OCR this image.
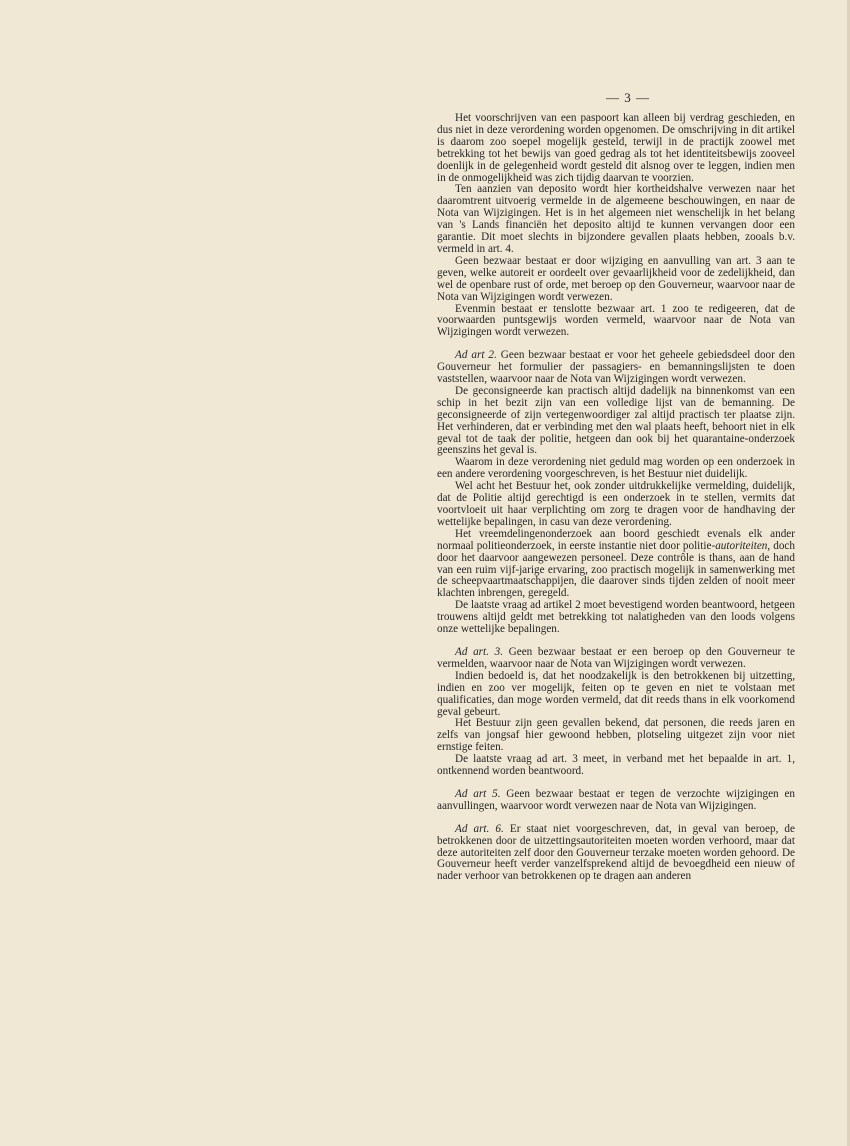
— 3 —

Het voorschrijven van een paspoort kan alleen bij verdrag geschieden, en dus niet in deze verordening worden opgenomen. De omschrijving in dit artikel is daarom zoo soepel mogelijk gesteld, terwijl in de practijk zoowel met betrekking tot het bewijs van goed gedrag als tot het identiteitsbewijs zooveel doenlijk in de gelegenheid wordt gesteld dit alsnog over te leggen, indien men in de onmogelijkheid was zich tijdig daarvan te voorzien.

Ten aanzien van deposito wordt hier kortheidshalve verwezen naar het daaromtrent uitvoerig vermelde in de algemeene beschouwingen, en naar de Nota van Wijzigingen. Het is in het algemeen niet wenschelijk in het belang van 's Lands financiën het deposito altijd te kunnen vervangen door een garantie. Dit moet slechts in bijzondere gevallen plaats hebben, zooals b.v. vermeld in art. 4.

Geen bezwaar bestaat er door wijziging en aanvulling van art. 3 aan te geven, welke autoreit er oordeelt over gevaarlijkheid voor de zedelijkheid, dan wel de openbare rust of orde, met beroep op den Gouverneur, waarvoor naar de Nota van Wijzigingen wordt verwezen.

Evenmin bestaat er tenslotte bezwaar art. 1 zoo te redigeeren, dat de voorwaarden puntsgewijs worden vermeld, waarvoor naar de Nota van Wijzigingen wordt verwezen.

Ad art 2. Geen bezwaar bestaat er voor het geheele gebiedsdeel door den Gouverneur het formulier der passagiers- en bemanningslijsten te doen vaststellen, waarvoor naar de Nota van Wijzigingen wordt verwezen.

De geconsigneerde kan practisch altijd dadelijk na binnenkomst van een schip in het bezit zijn van een volledige lijst van de bemanning. De geconsigneerde of zijn vertegenwoordiger zal altijd practisch ter plaatse zijn. Het verhinderen, dat er verbinding met den wal plaats heeft, behoort niet in elk geval tot de taak der politie, hetgeen dan ook bij het quarantaine-onderzoek geenszins het geval is.

Waarom in deze verordening niet geduld mag worden op een onderzoek in een andere verordening voorgeschreven, is het Bestuur niet duidelijk.

Wel acht het Bestuur het, ook zonder uitdrukkelijke vermelding, duidelijk, dat de Politie altijd gerechtigd is een onderzoek in te stellen, vermits dat voortvloeit uit haar verplichting om zorg te dragen voor de handhaving der wettelijke bepalingen, in casu van deze verordening.

Het vreemdelingenonderzoek aan boord geschiedt evenals elk ander normaal politieonderzoek, in eerste instantie niet door politie-autoriteiten, doch door het daarvoor aangewezen personeel. Deze contrôle is thans, aan de hand van een ruim vijf-jarige ervaring, zoo practisch mogelijk in samenwerking met de scheepvaartmaatschappijen, die daarover sinds tijden zelden of nooit meer klachten inbrengen, geregeld.

De laatste vraag ad artikel 2 moet bevestigend worden beantwoord, hetgeen trouwens altijd geldt met betrekking tot nalatigheden van den loods volgens onze wettelijke bepalingen.

Ad art. 3. Geen bezwaar bestaat er een beroep op den Gouverneur te vermelden, waarvoor naar de Nota van Wijzigingen wordt verwezen.

Indien bedoeld is, dat het noodzakelijk is den betrokkenen bij uitzetting, indien en zoo ver mogelijk, feiten op te geven en niet te volstaan met qualificaties, dan moge worden vermeld, dat dit reeds thans in elk voorkomend geval gebeurt.

Het Bestuur zijn geen gevallen bekend, dat personen, die reeds jaren en zelfs van jongsaf hier gewoond hebben, plotseling uitgezet zijn voor niet ernstige feiten.

De laatste vraag ad art. 3 meet, in verband met het bepaalde in art. 1, ontkennend worden beantwoord.

Ad art 5. Geen bezwaar bestaat er tegen de verzochte wijzigingen en aanvullingen, waarvoor wordt verwezen naar de Nota van Wijzigingen.

Ad art. 6. Er staat niet voorgeschreven, dat, in geval van beroep, de betrokkenen door de uitzettingsautoriteiten moeten worden verhoord, maar dat deze autoriteiten zelf door den Gouverneur terzake moeten worden gehoord. De Gouverneur heeft verder vanzelfsprekend altijd de bevoegdheid een nieuw of nader verhoor van betrokkenen op te dragen aan anderen
